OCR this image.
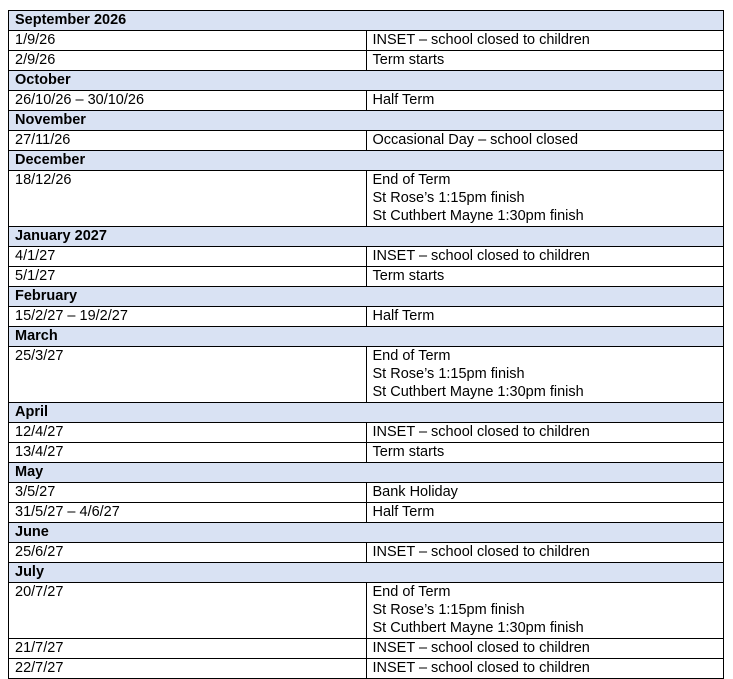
September 2026	
1/9/26	INSET – school closed to children

2/9/26	Term starts

October	
26/10/26 – 30/10/26	Half Term

November	
27/11/26	Occasional Day – school closed

December	
18/12/26	End of Term
St Rose’s 1:15pm finish
St Cuthbert Mayne 1:30pm finish

January 2027	
4/1/27	INSET – school closed to children

5/1/27	Term starts

February	
15/2/27 – 19/2/27	Half Term

March	
25/3/27	End of Term
St Rose’s 1:15pm finish
St Cuthbert Mayne 1:30pm finish

April	
12/4/27	INSET – school closed to children

13/4/27	Term starts

May	
3/5/27	Bank Holiday

31/5/27 – 4/6/27	Half Term

June	
25/6/27	INSET – school closed to children

July	
20/7/27	End of Term
St Rose’s 1:15pm finish
St Cuthbert Mayne 1:30pm finish

21/7/27	INSET – school closed to children

22/7/27	INSET – school closed to children
